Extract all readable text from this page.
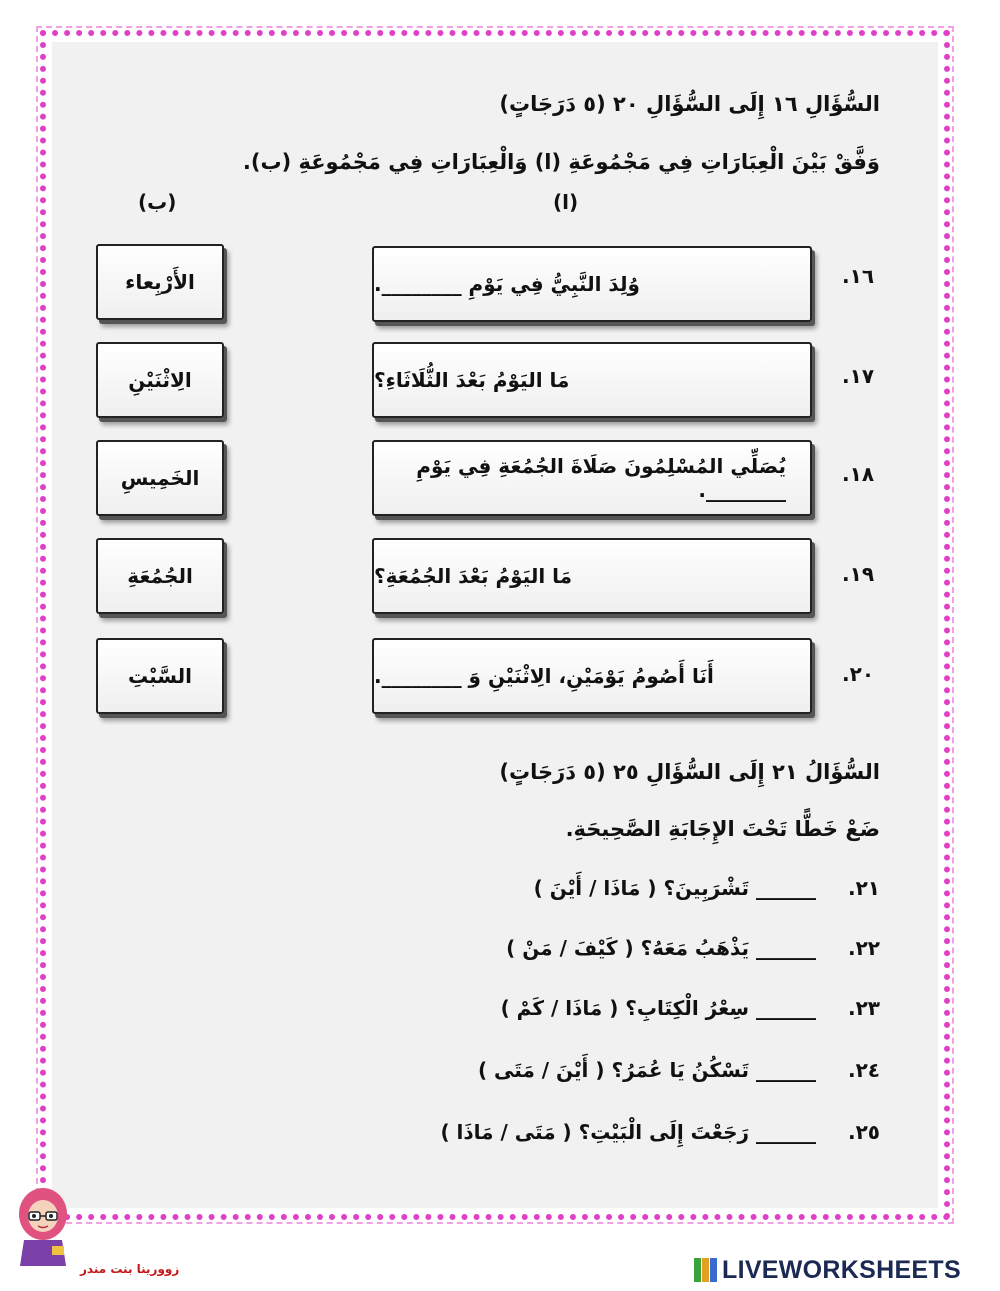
السُّؤَالِ ١٦ إِلَى السُّؤَالِ ٢٠ (٥ دَرَجَاتٍ)
وَفَّقْ بَيْنَ الْعِبَارَاتِ فِي مَجْمُوعَةِ (ا) وَالْعِبَارَاتِ فِي مَجْمُوعَةِ (ب).
(ب)	(ا)
١٦.
وُلِدَ النَّبِيُّ فِي يَوْمِ ________.
١٧.
مَا اليَوْمُ بَعْدَ الثُّلَاثَاءِ؟
١٨.
يُصَلِّي المُسْلِمُونَ صَلَاةَ الجُمُعَةِ فِي يَوْمِ ________.
١٩.
مَا اليَوْمُ بَعْدَ الجُمُعَةِ؟
٢٠.
أَنَا أَصُومُ يَوْمَيْنِ، الِاثْنَيْنِ وَ ________.
الأَرْبِعاء
الِاثْنَيْنِ
الخَمِيسِ
الجُمُعَةِ
السَّبْتِ
السُّؤَالُ ٢١ إِلَى السُّؤَالِ ٢٥ (٥ دَرَجَاتٍ)
ضَعْ خَطًّا تَحْتَ الإِجَابَةِ الصَّحِيحَةِ.
٢١.
______ تَشْرَبِينَ؟ ( مَاذَا / أَيْنَ )
٢٢.
______ يَذْهَبُ مَعَهُ؟ ( كَيْفَ / مَنْ )
٢٣.
______ سِعْرُ الْكِتَابِ؟ ( مَاذَا / كَمْ )
٢٤.
______ تَسْكُنُ يَا عُمَرُ؟ ( أَيْنَ / مَتَى )
٢٥.
______ رَجَعْتَ إِلَى الْبَيْتِ؟ ( مَتَى / مَاذَا )
زوورينا بنت مندر	LIVEWORKSHEETS
